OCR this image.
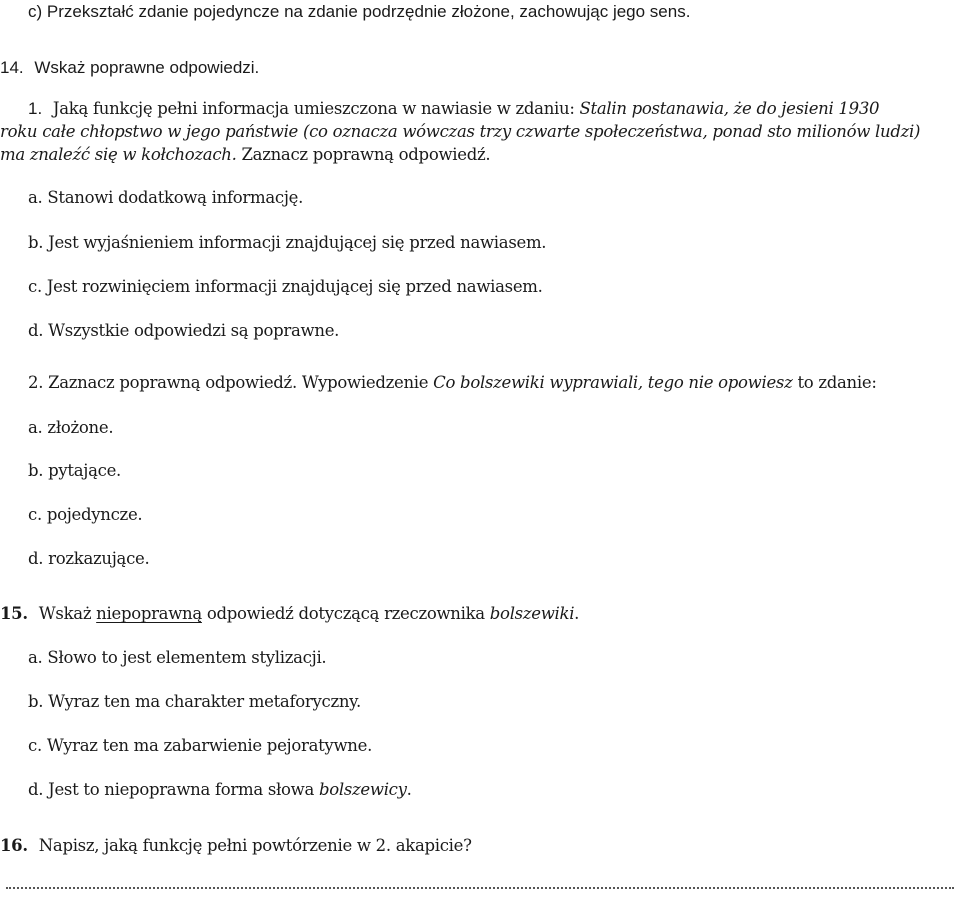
c) Przekształć zdanie pojedyncze na zdanie podrzędnie złożone, zachowując jego sens.
14. Wskaż poprawne odpowiedzi.
1. Jaką funkcję pełni informacja umieszczona w nawiasie w zdaniu: Stalin postanawia, że do jesieni 1930
roku całe chłopstwo w jego państwie (co oznacza wówczas trzy czwarte społeczeństwa, ponad sto milionów ludzi)
ma znaleźć się w kołchozach. Zaznacz poprawną odpowiedź.
a. Stanowi dodatkową informację.
b. Jest wyjaśnieniem informacji znajdującej się przed nawiasem.
c. Jest rozwinięciem informacji znajdującej się przed nawiasem.
d. Wszystkie odpowiedzi są poprawne.
2. Zaznacz poprawną odpowiedź. Wypowiedzenie Co bolszewiki wyprawiali, tego nie opowiesz to zdanie:
a. złożone.
b. pytające.
c. pojedyncze.
d. rozkazujące.
15. Wskaż niepoprawną odpowiedź dotyczącą rzeczownika bolszewiki.
a. Słowo to jest elementem stylizacji.
b. Wyraz ten ma charakter metaforyczny.
c. Wyraz ten ma zabarwienie pejoratywne.
d. Jest to niepoprawna forma słowa bolszewicy.
16. Napisz, jaką funkcję pełni powtórzenie w 2. akapicie?
